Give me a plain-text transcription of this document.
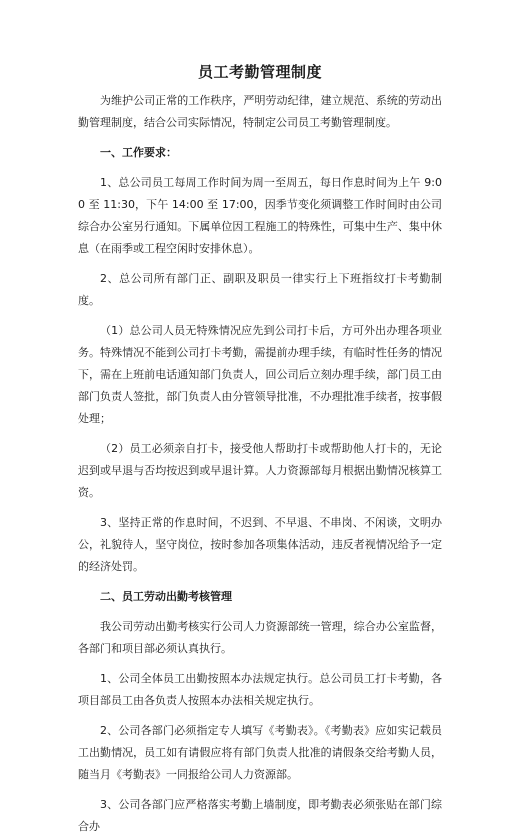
员工考勤管理制度

为维护公司正常的工作秩序，严明劳动纪律，建立规范、系统的劳动出勤管理制度，结合公司实际情况，特制定公司员工考勤管理制度。

一、工作要求：

1、总公司员工每周工作时间为周一至周五，每日作息时间为上午 9:00 至 11:30，下午 14:00 至 17:00，因季节变化须调整工作时间时由公司综合办公室另行通知。下属单位因工程施工的特殊性，可集中生产、集中休息（在雨季或工程空闲时安排休息）。

2、总公司所有部门正、副职及职员一律实行上下班指纹打卡考勤制度。

（1）总公司人员无特殊情况应先到公司打卡后，方可外出办理各项业务。特殊情况不能到公司打卡考勤，需提前办理手续，有临时性任务的情况下，需在上班前电话通知部门负责人，回公司后立刻办理手续，部门员工由部门负责人签批，部门负责人由分管领导批准，不办理批准手续者，按事假处理；

（2）员工必须亲自打卡，接受他人帮助打卡或帮助他人打卡的，无论迟到或早退与否均按迟到或早退计算。人力资源部每月根据出勤情况核算工资。

3、坚持正常的作息时间，不迟到、不早退、不串岗、不闲谈，文明办公，礼貌待人，坚守岗位，按时参加各项集体活动，违反者视情况给予一定的经济处罚。

二、员工劳动出勤考核管理

我公司劳动出勤考核实行公司人力资源部统一管理，综合办公室监督，各部门和项目部必须认真执行。

1、公司全体员工出勤按照本办法规定执行。总公司员工打卡考勤，各项目部员工由各负责人按照本办法相关规定执行。

2、公司各部门必须指定专人填写《考勤表》。《考勤表》应如实记载员工出勤情况，员工如有请假应将有部门负责人批准的请假条交给考勤人员，随当月《考勤表》一同报给公司人力资源部。

3、公司各部门应严格落实考勤上墙制度，即考勤表必须张贴在部门综合办
